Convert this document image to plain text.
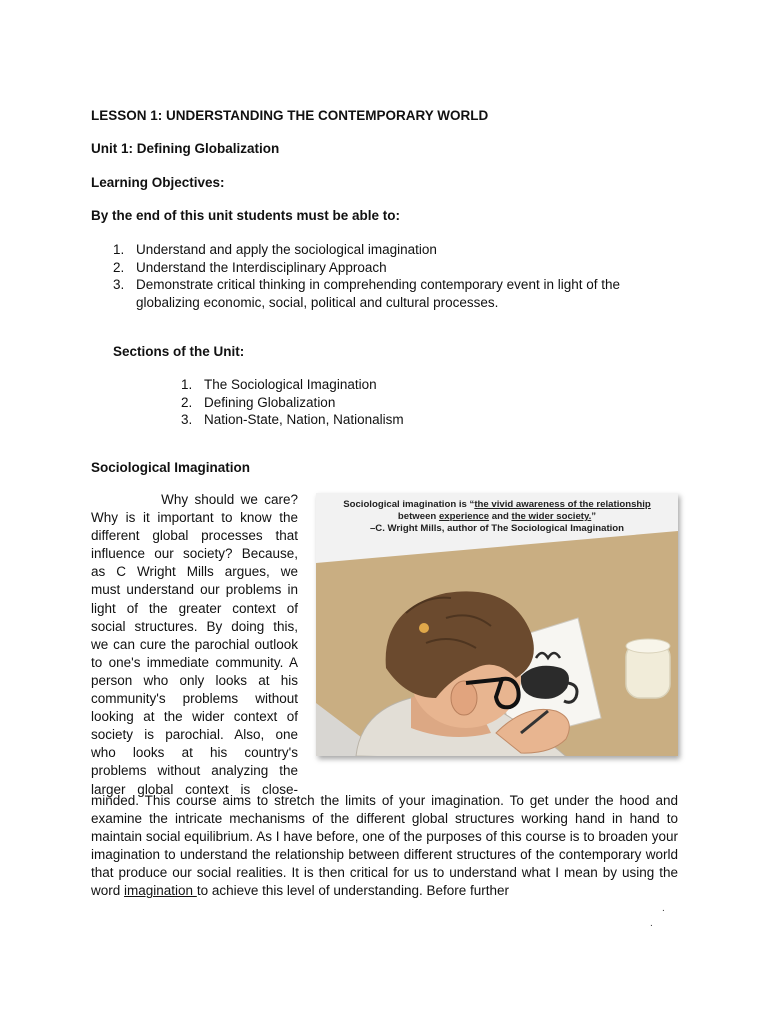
LESSON 1: UNDERSTANDING THE CONTEMPORARY WORLD
Unit 1: Defining Globalization
Learning Objectives:
By the end of this unit students must be able to:
1. Understand and apply the sociological imagination
2. Understand the Interdisciplinary Approach
3. Demonstrate critical thinking in comprehending contemporary event in light of the globalizing economic, social, political and cultural processes.
Sections of the Unit:
1. The Sociological Imagination
2. Defining Globalization
3. Nation-State, Nation, Nationalism
Sociological Imagination
Why should we care?
Why is it important to know the
different global processes that
influence our society? Because,
as C Wright Mills argues, we
must understand our problems in
light of the greater context of
social structures. By doing this,
we can cure the parochial outlook
to one's immediate community. A
person who only looks at his
community's problems without
looking at the wider context of
society is parochial. Also, one
who looks at his country's
problems without analyzing the
larger global context is close-
minded. This course aims to stretch the limits of your imagination. To get under the hood and examine the intricate mechanisms of the different global structures working hand in hand to maintain social equilibrium. As I have before, one of the purposes of this course is to broaden your imagination to understand the relationship between different structures of the contemporary world that produce our social realities. It is then critical for us to understand what I mean by using the word imagination to achieve this level of understanding. Before further
Sociological imagination is “the vivid awareness of the relationship
between experience and the wider society.”
–C. Wright Mills, author of The Sociological Imagination
.
.
